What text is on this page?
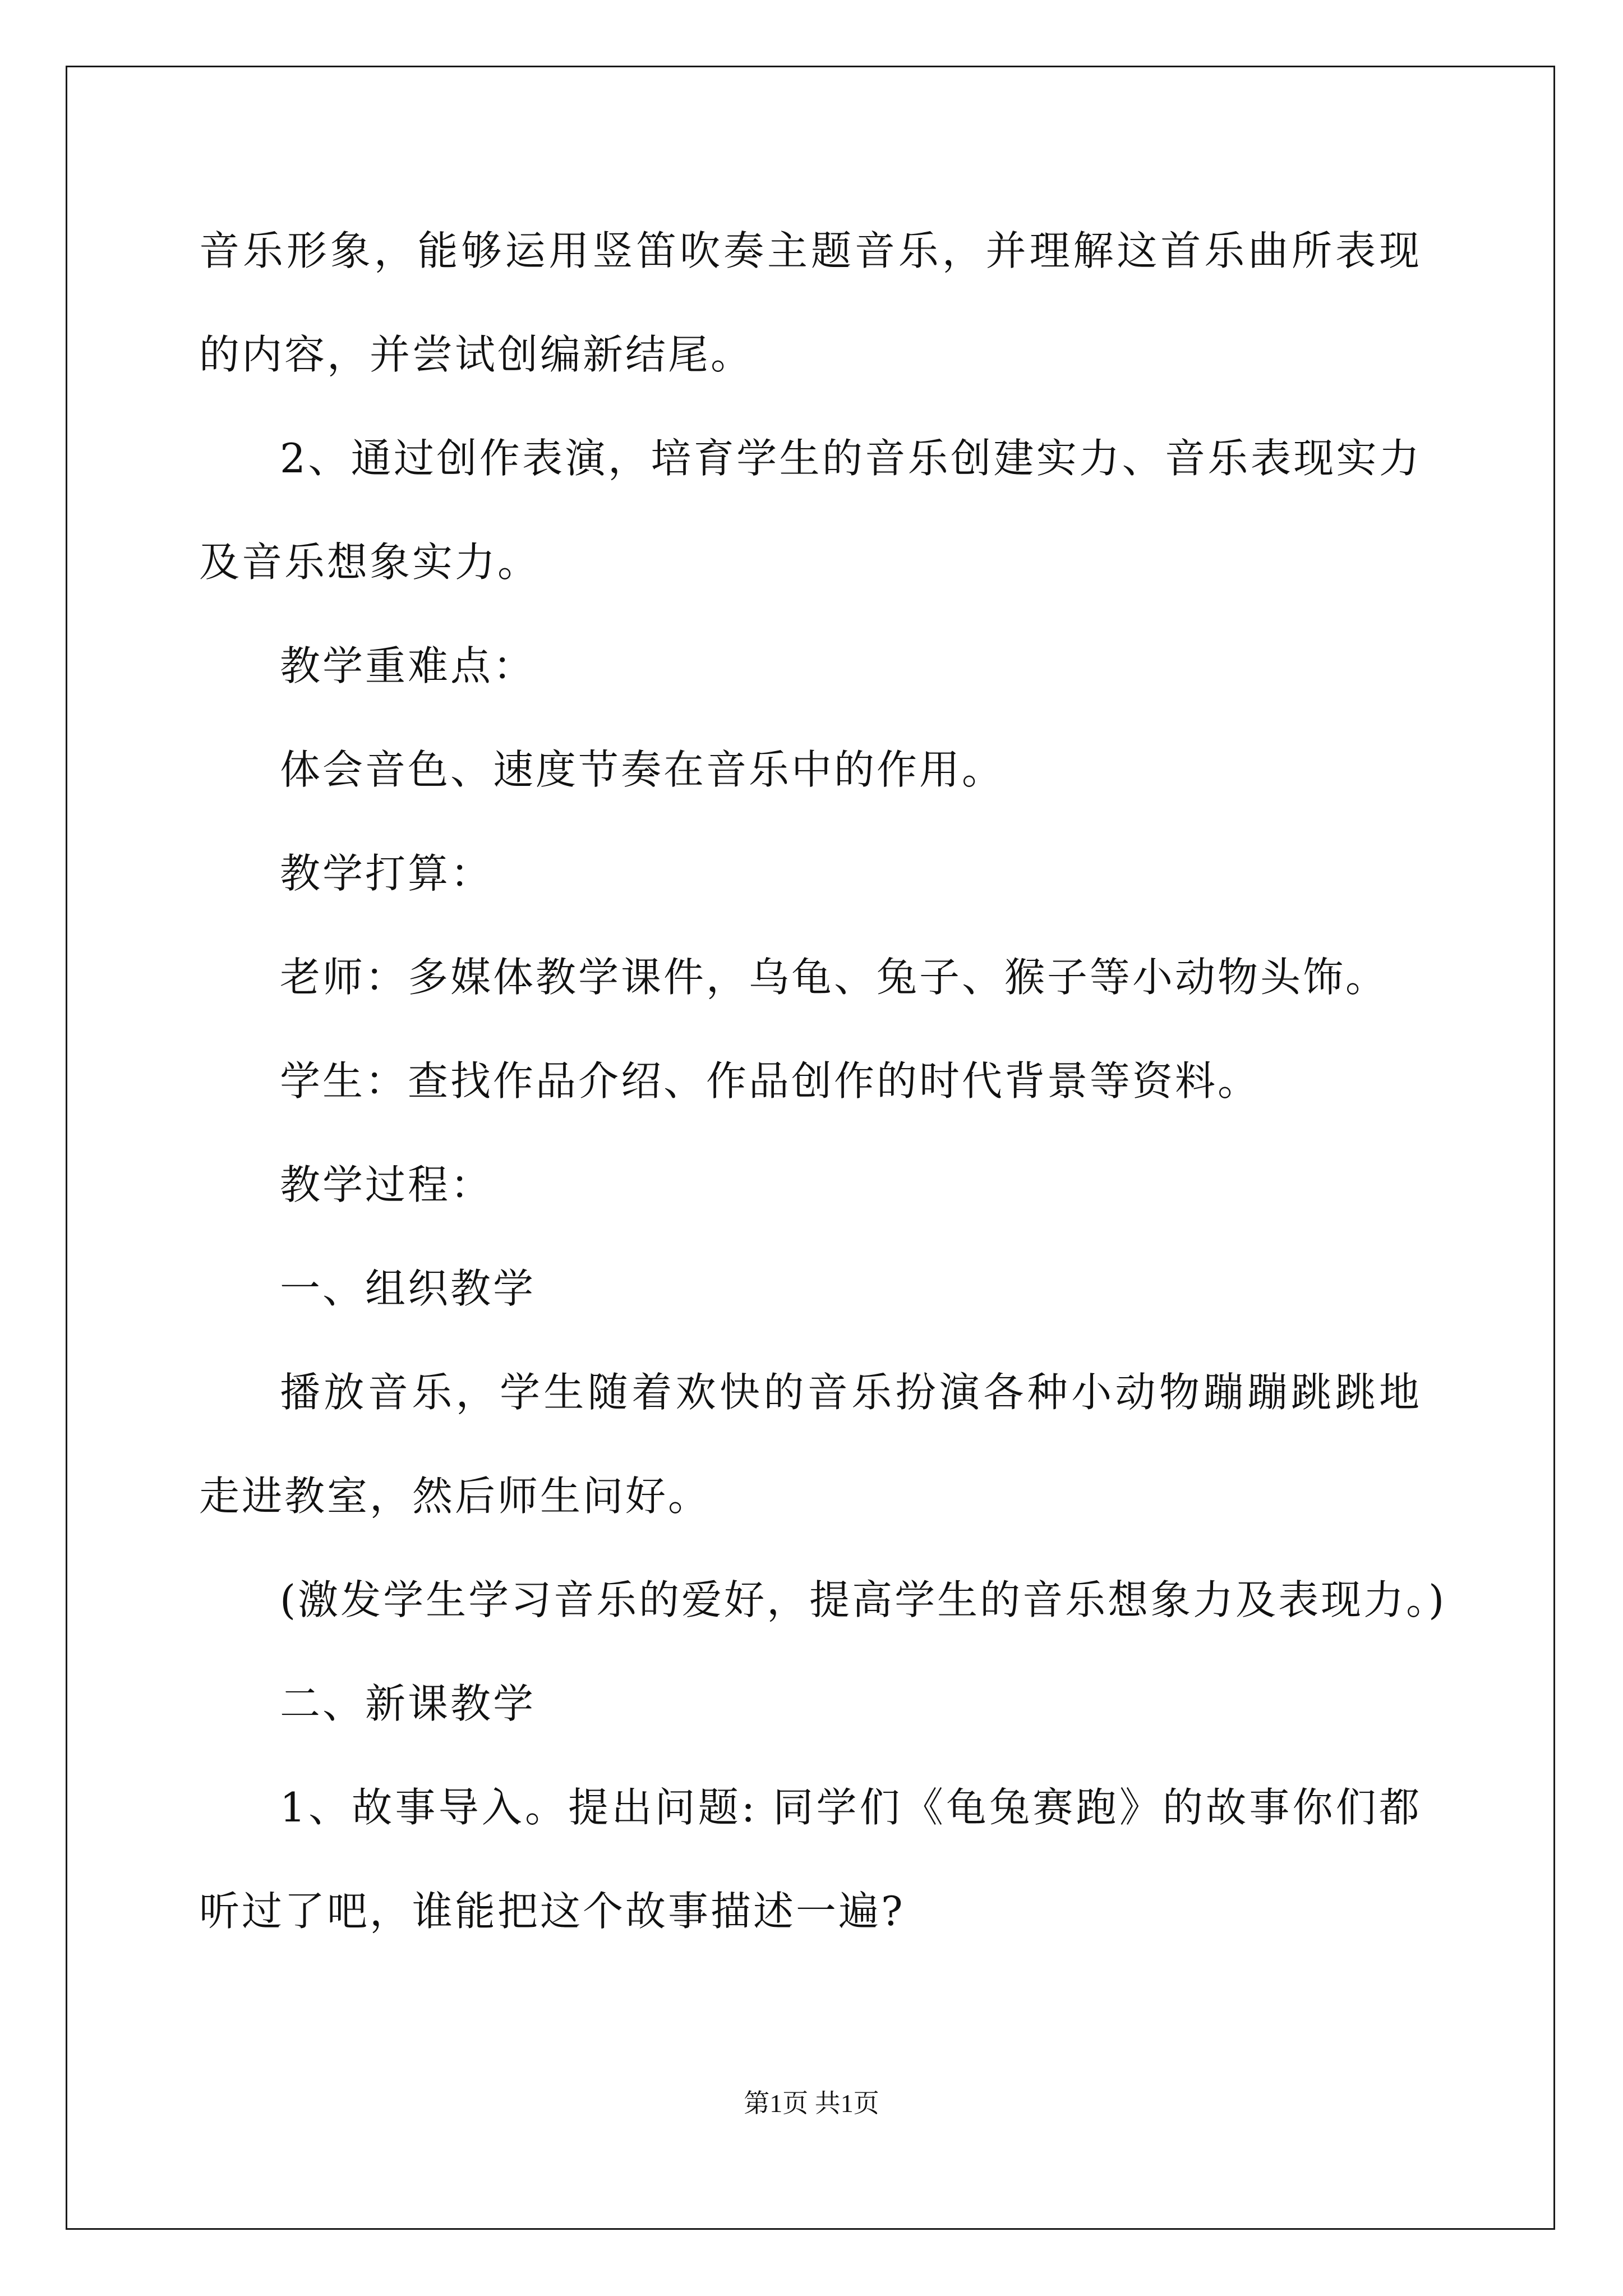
音乐形象，能够运用竖笛吹奏主题音乐，并理解这首乐曲所表现的内容，并尝试创编新结尾。
2、通过创作表演，培育学生的音乐创建实力、音乐表现实力及音乐想象实力。
教学重难点：
体会音色、速度节奏在音乐中的作用。
教学打算：
老师：多媒体教学课件，乌龟、兔子、猴子等小动物头饰。
学生：查找作品介绍、作品创作的时代背景等资料。
教学过程：
一、组织教学
播放音乐，学生随着欢快的音乐扮演各种小动物蹦蹦跳跳地走进教室，然后师生问好。
(激发学生学习音乐的爱好，提高学生的音乐想象力及表现力。)
二、新课教学
1、故事导入。提出问题: 同学们《龟兔赛跑》的故事你们都听过了吧，谁能把这个故事描述一遍?
第1页 共1页
